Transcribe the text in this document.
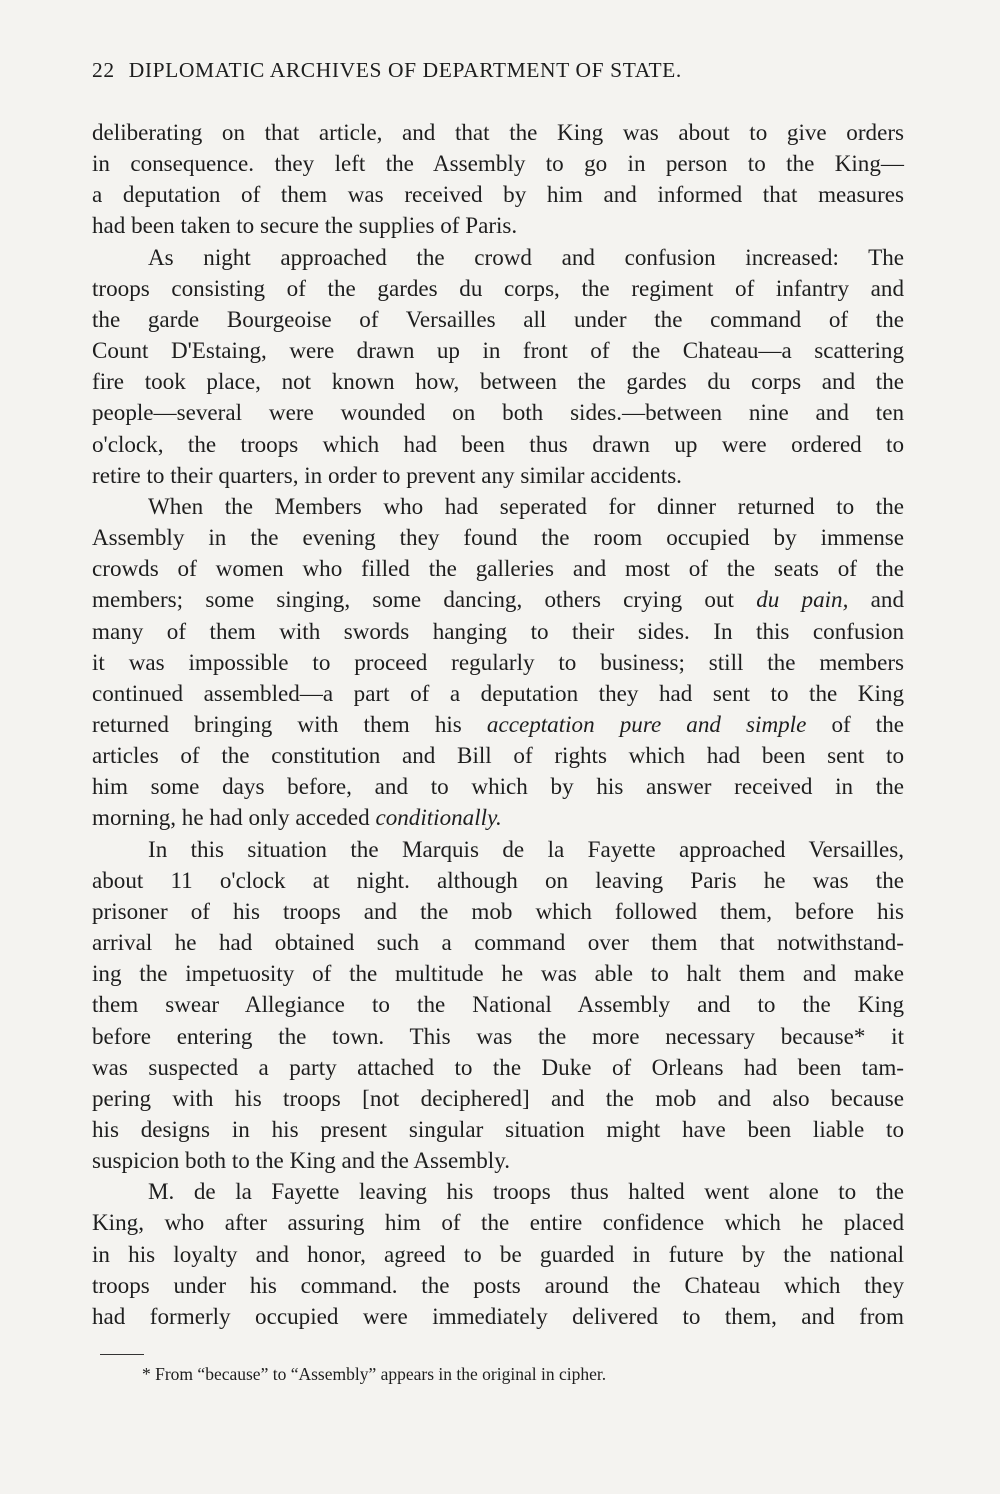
22 DIPLOMATIC ARCHIVES OF DEPARTMENT OF STATE.

deliberating on that article, and that the King was about to give orders

in consequence. they left the Assembly to go in person to the King—

a deputation of them was received by him and informed that measures

had been taken to secure the supplies of Paris.

As night approached the crowd and confusion increased: The

troops consisting of the gardes du corps, the regiment of infantry and

the garde Bourgeoise of Versailles all under the command of the

Count D'Estaing, were drawn up in front of the Chateau—a scattering

fire took place, not known how, between the gardes du corps and the

people—several were wounded on both sides.—between nine and ten

o'clock, the troops which had been thus drawn up were ordered to

retire to their quarters, in order to prevent any similar accidents.

When the Members who had seperated for dinner returned to the

Assembly in the evening they found the room occupied by immense

crowds of women who filled the galleries and most of the seats of the

members; some singing, some dancing, others crying out du pain, and

many of them with swords hanging to their sides. In this confusion

it was impossible to proceed regularly to business; still the members

continued assembled—a part of a deputation they had sent to the King

returned bringing with them his acceptation pure and simple of the

articles of the constitution and Bill of rights which had been sent to

him some days before, and to which by his answer received in the

morning, he had only acceded conditionally.

In this situation the Marquis de la Fayette approached Versailles,

about 11 o'clock at night. although on leaving Paris he was the

prisoner of his troops and the mob which followed them, before his

arrival he had obtained such a command over them that notwithstand-

ing the impetuosity of the multitude he was able to halt them and make

them swear Allegiance to the National Assembly and to the King

before entering the town. This was the more necessary because* it

was suspected a party attached to the Duke of Orleans had been tam-

pering with his troops [not deciphered] and the mob and also because

his designs in his present singular situation might have been liable to

suspicion both to the King and the Assembly.

M. de la Fayette leaving his troops thus halted went alone to the

King, who after assuring him of the entire confidence which he placed

in his loyalty and honor, agreed to be guarded in future by the national

troops under his command. the posts around the Chateau which they

had formerly occupied were immediately delivered to them, and from

* From “because” to “Assembly” appears in the original in cipher.
